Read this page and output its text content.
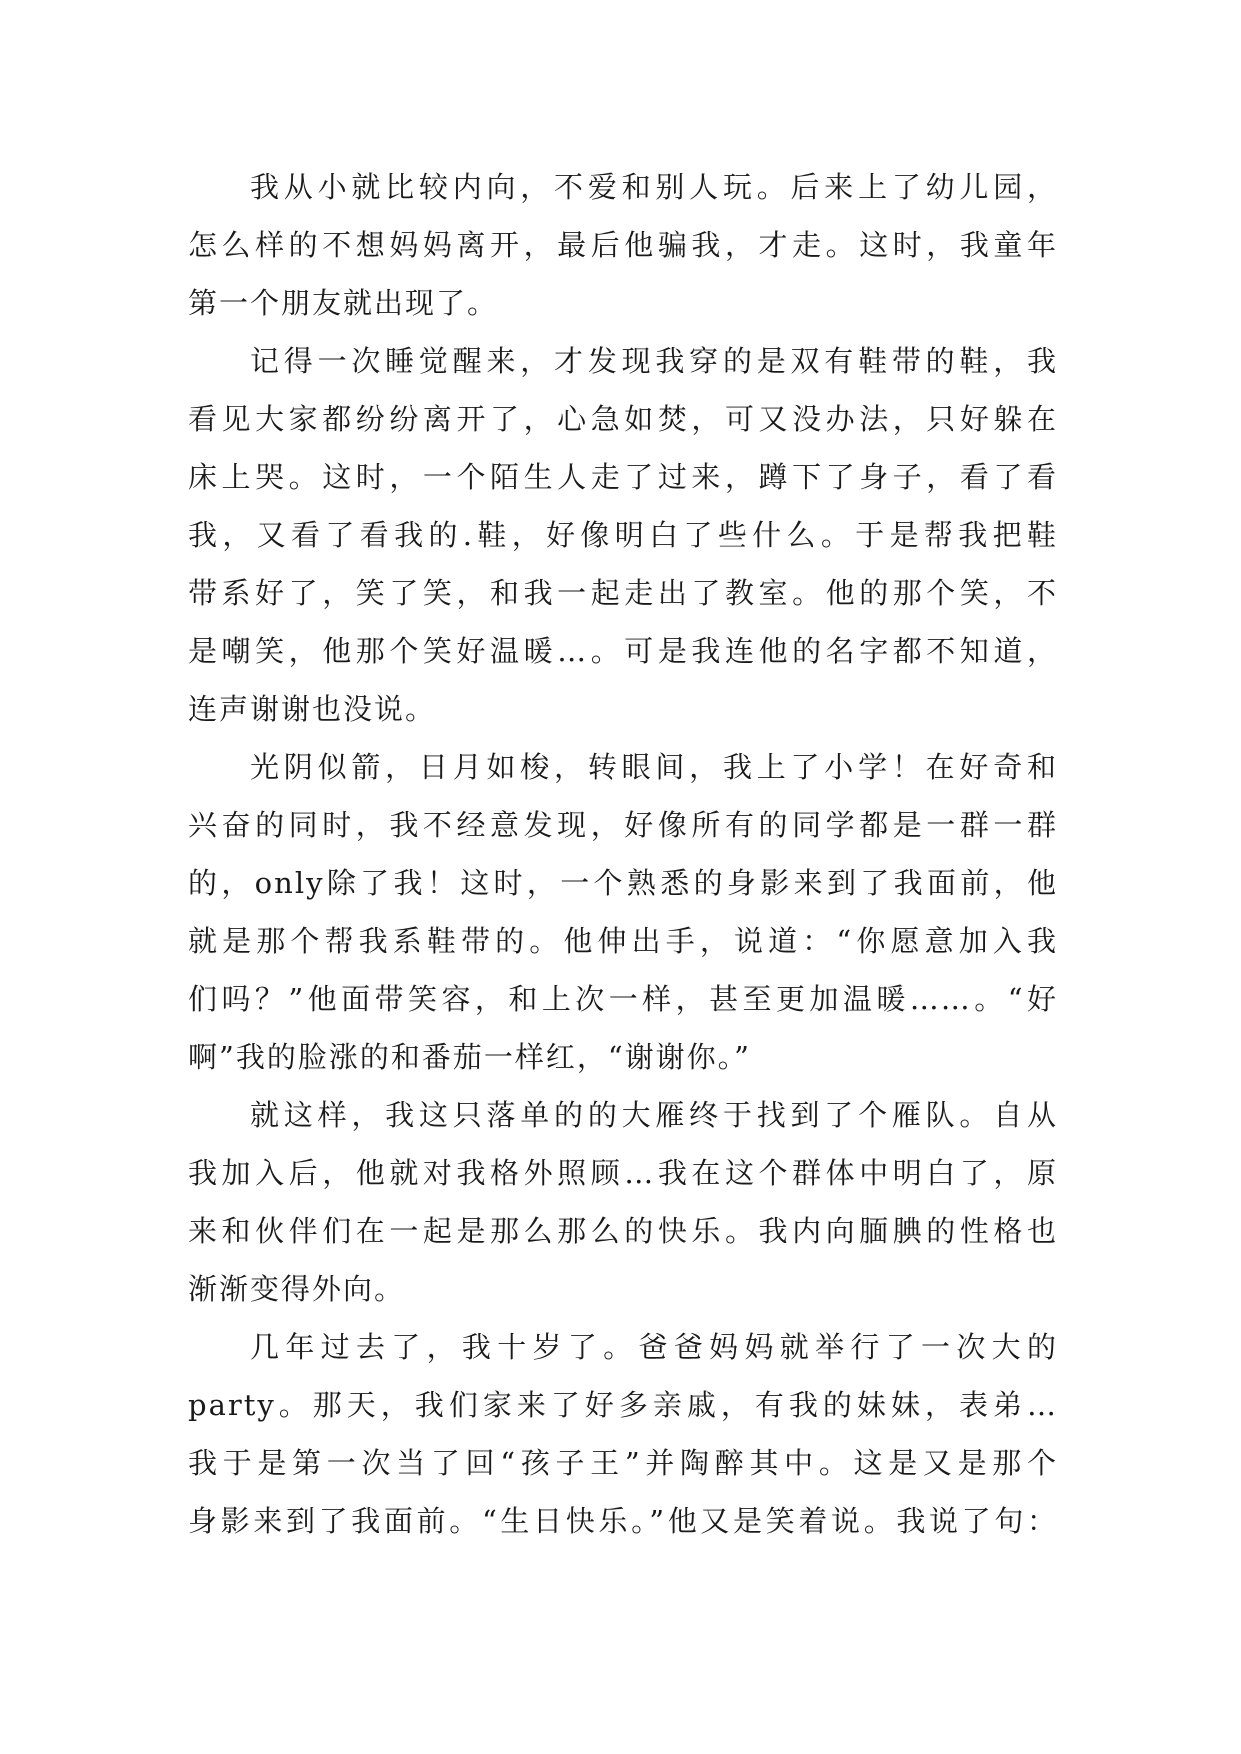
我从小就比较内向，不爱和别人玩。后来上了幼儿园，
怎么样的不想妈妈离开，最后他骗我，才走。这时，我童年
第一个朋友就出现了。
记得一次睡觉醒来，才发现我穿的是双有鞋带的鞋，我
看见大家都纷纷离开了，心急如焚，可又没办法，只好躲在
床上哭。这时，一个陌生人走了过来，蹲下了身子，看了看
我，又看了看我的.鞋，好像明白了些什么。于是帮我把鞋
带系好了，笑了笑，和我一起走出了教室。他的那个笑，不
是嘲笑，他那个笑好温暖…。可是我连他的名字都不知道，
连声谢谢也没说。
光阴似箭，日月如梭，转眼间，我上了小学！在好奇和
兴奋的同时，我不经意发现，好像所有的同学都是一群一群
的，only除了我！这时，一个熟悉的身影来到了我面前，他
就是那个帮我系鞋带的。他伸出手，说道：“你愿意加入我
们吗？”他面带笑容，和上次一样，甚至更加温暖……。“好
啊”我的脸涨的和番茄一样红，“谢谢你。”
就这样，我这只落单的的大雁终于找到了个雁队。自从
我加入后，他就对我格外照顾…我在这个群体中明白了，原
来和伙伴们在一起是那么那么的快乐。我内向腼腆的性格也
渐渐变得外向。
几年过去了，我十岁了。爸爸妈妈就举行了一次大的
party。那天，我们家来了好多亲戚，有我的妹妹，表弟…
我于是第一次当了回“孩子王”并陶醉其中。这是又是那个
身影来到了我面前。“生日快乐。”他又是笑着说。我说了句：
